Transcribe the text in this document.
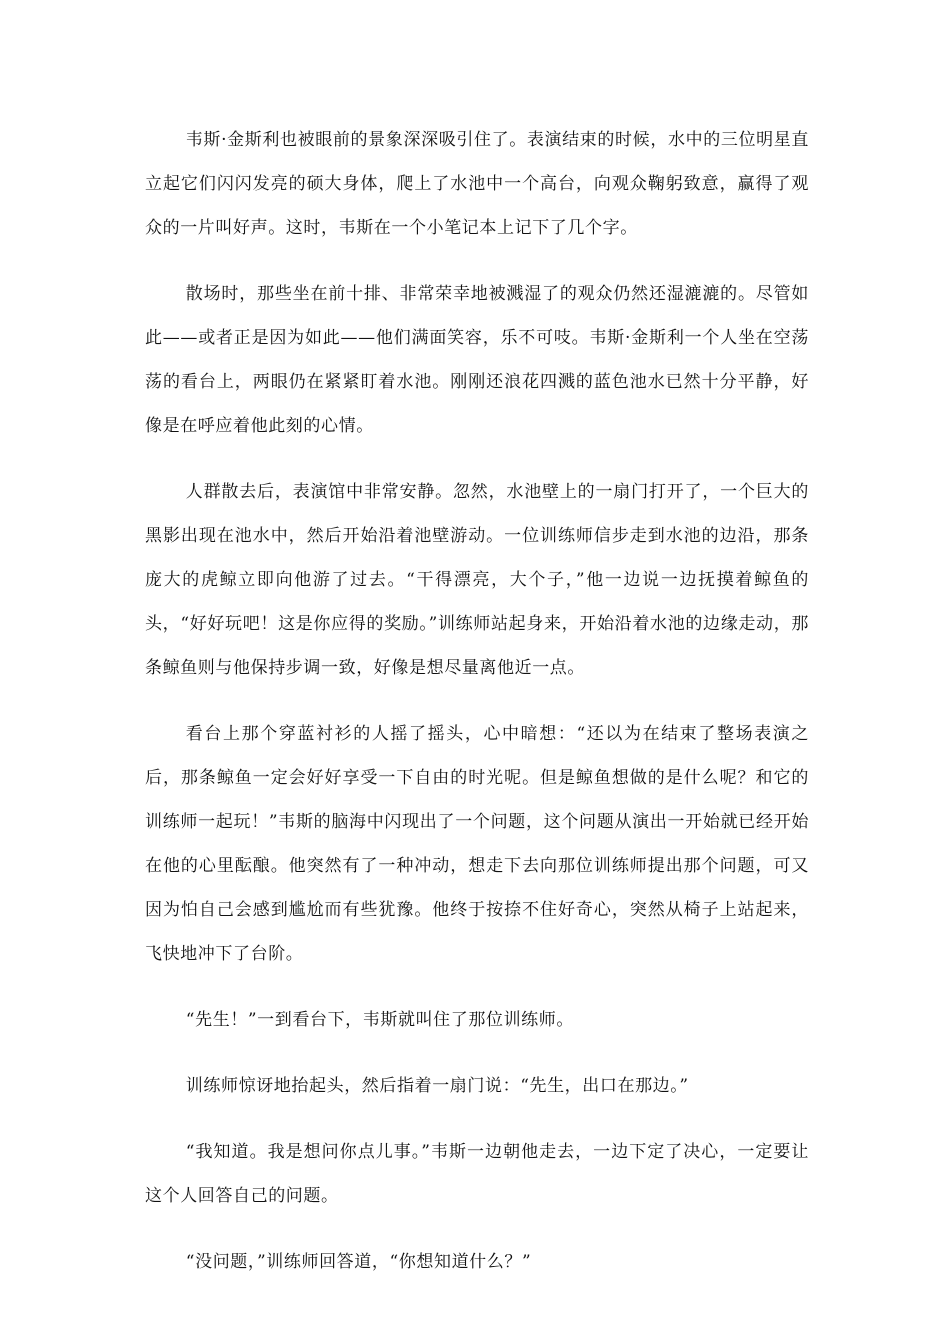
韦斯·金斯利也被眼前的景象深深吸引住了。表演结束的时候，水中的三位明星直立起它们闪闪发亮的硕大身体，爬上了水池中一个高台，向观众鞠躬致意，赢得了观众的一片叫好声。这时，韦斯在一个小笔记本上记下了几个字。

散场时，那些坐在前十排、非常荣幸地被溅湿了的观众仍然还湿漉漉的。尽管如此——或者正是因为如此——他们满面笑容，乐不可吱。韦斯·金斯利一个人坐在空荡荡的看台上，两眼仍在紧紧盯着水池。刚刚还浪花四溅的蓝色池水已然十分平静，好像是在呼应着他此刻的心情。

人群散去后，表演馆中非常安静。忽然，水池壁上的一扇门打开了，一个巨大的黑影出现在池水中，然后开始沿着池壁游动。一位训练师信步走到水池的边沿，那条庞大的虎鲸立即向他游了过去。“干得漂亮，大个子，”他一边说一边抚摸着鲸鱼的头，“好好玩吧！这是你应得的奖励。”训练师站起身来，开始沿着水池的边缘走动，那条鲸鱼则与他保持步调一致，好像是想尽量离他近一点。

看台上那个穿蓝衬衫的人摇了摇头，心中暗想：“还以为在结束了整场表演之后，那条鲸鱼一定会好好享受一下自由的时光呢。但是鲸鱼想做的是什么呢？和它的训练师一起玩！”韦斯的脑海中闪现出了一个问题，这个问题从演出一开始就已经开始在他的心里酝酿。他突然有了一种冲动，想走下去向那位训练师提出那个问题，可又因为怕自己会感到尴尬而有些犹豫。他终于按捺不住好奇心，突然从椅子上站起来，飞快地冲下了台阶。

“先生！”一到看台下，韦斯就叫住了那位训练师。

训练师惊讶地抬起头，然后指着一扇门说：“先生，出口在那边。”

“我知道。我是想问你点儿事。”韦斯一边朝他走去，一边下定了决心，一定要让这个人回答自己的问题。

“没问题，”训练师回答道，“你想知道什么？”
